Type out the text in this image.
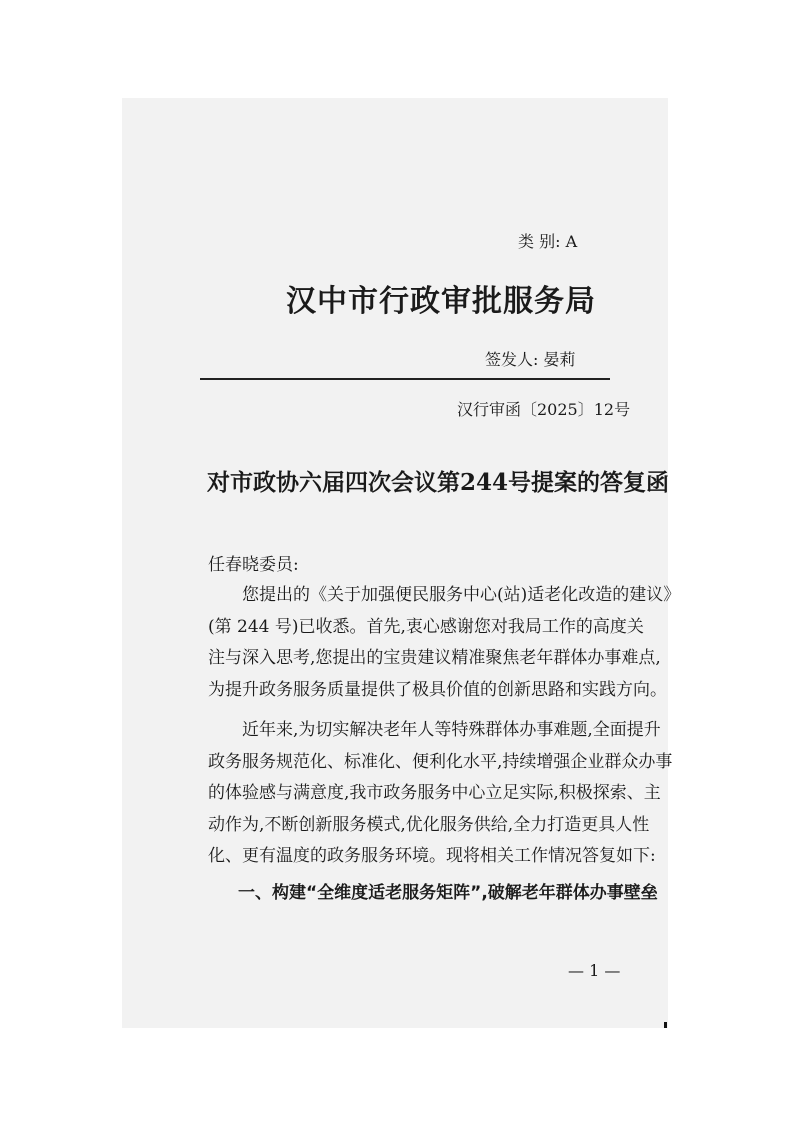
类 别: A
汉中市行政审批服务局
签发人: 晏莉
汉行审函〔2025〕12号
对市政协六届四次会议第244号提案的答复函
任春晓委员:
您提出的《关于加强便民服务中心(站)适老化改造的建议》
(第 244 号)已收悉。首先,衷心感谢您对我局工作的高度关
注与深入思考,您提出的宝贵建议精准聚焦老年群体办事难点,
为提升政务服务质量提供了极具价值的创新思路和实践方向。
近年来,为切实解决老年人等特殊群体办事难题,全面提升
政务服务规范化、标准化、便利化水平,持续增强企业群众办事
的体验感与满意度,我市政务服务中心立足实际,积极探索、主
动作为,不断创新服务模式,优化服务供给,全力打造更具人性
化、更有温度的政务服务环境。现将相关工作情况答复如下:
一、构建“全维度适老服务矩阵”,破解老年群体办事壁垒
— 1 —
